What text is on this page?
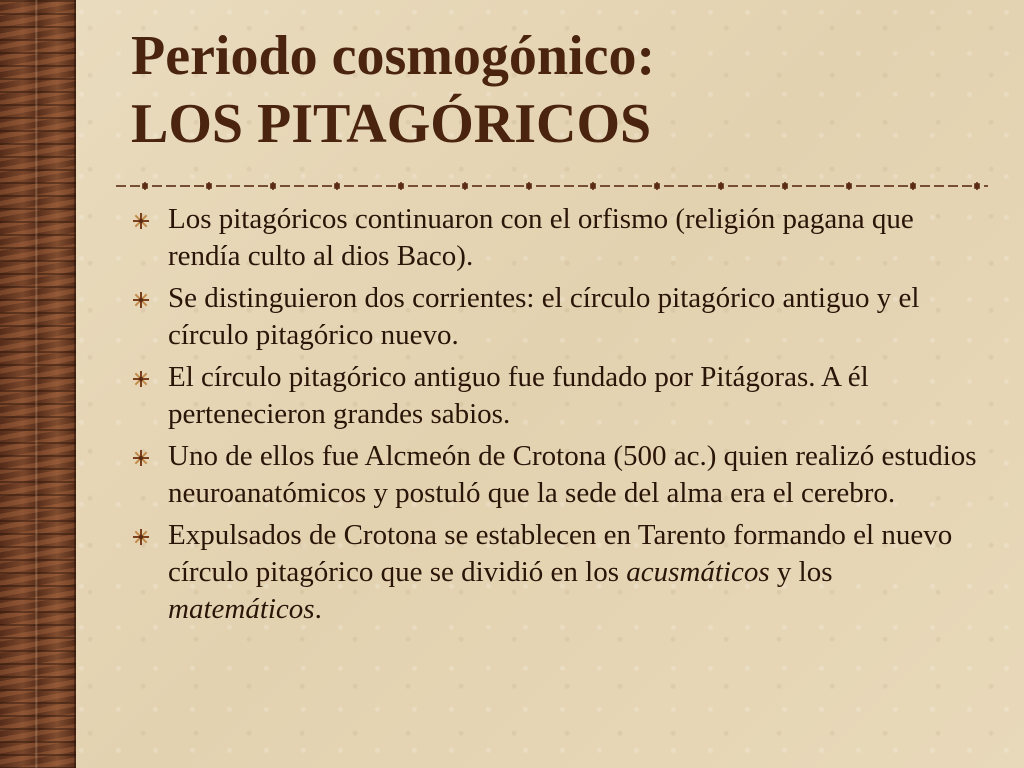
Periodo cosmogónico:
LOS PITAGÓRICOS
Los pitagóricos continuaron con el orfismo (religión pagana que rendía culto al dios Baco).
Se distinguieron dos corrientes: el círculo pitagórico antiguo y el círculo pitagórico nuevo.
El círculo pitagórico antiguo fue fundado por Pitágoras. A él pertenecieron grandes sabios.
Uno de ellos fue Alcmeón de Crotona (500 ac.) quien realizó estudios neuroanatómicos y postuló que la sede del alma era el cerebro.
Expulsados de Crotona se establecen en Tarento formando el nuevo círculo pitagórico que se dividió en los acusmáticos y los matemáticos.
